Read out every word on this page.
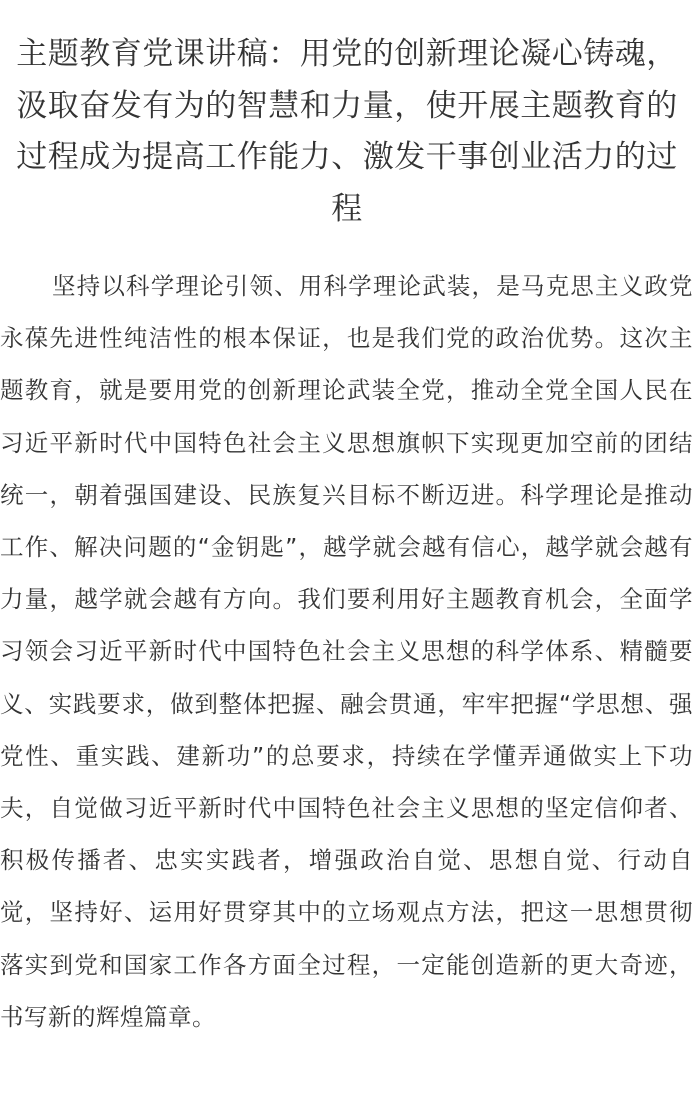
主题教育党课讲稿：用党的创新理论凝心铸魂，汲取奋发有为的智慧和力量，使开展主题教育的过程成为提高工作能力、激发干事创业活力的过程

坚持以科学理论引领、用科学理论武装，是马克思主义政党永葆先进性纯洁性的根本保证，也是我们党的政治优势。这次主题教育，就是要用党的创新理论武装全党，推动全党全国人民在习近平新时代中国特色社会主义思想旗帜下实现更加空前的团结统一，朝着强国建设、民族复兴目标不断迈进。科学理论是推动工作、解决问题的“金钥匙”，越学就会越有信心，越学就会越有力量，越学就会越有方向。我们要利用好主题教育机会，全面学习领会习近平新时代中国特色社会主义思想的科学体系、精髓要义、实践要求，做到整体把握、融会贯通，牢牢把握“学思想、强党性、重实践、建新功”的总要求，持续在学懂弄通做实上下功夫，自觉做习近平新时代中国特色社会主义思想的坚定信仰者、积极传播者、忠实实践者，增强政治自觉、思想自觉、行动自觉，坚持好、运用好贯穿其中的立场观点方法，把这一思想贯彻落实到党和国家工作各方面全过程，一定能创造新的更大奇迹，书写新的辉煌篇章。
